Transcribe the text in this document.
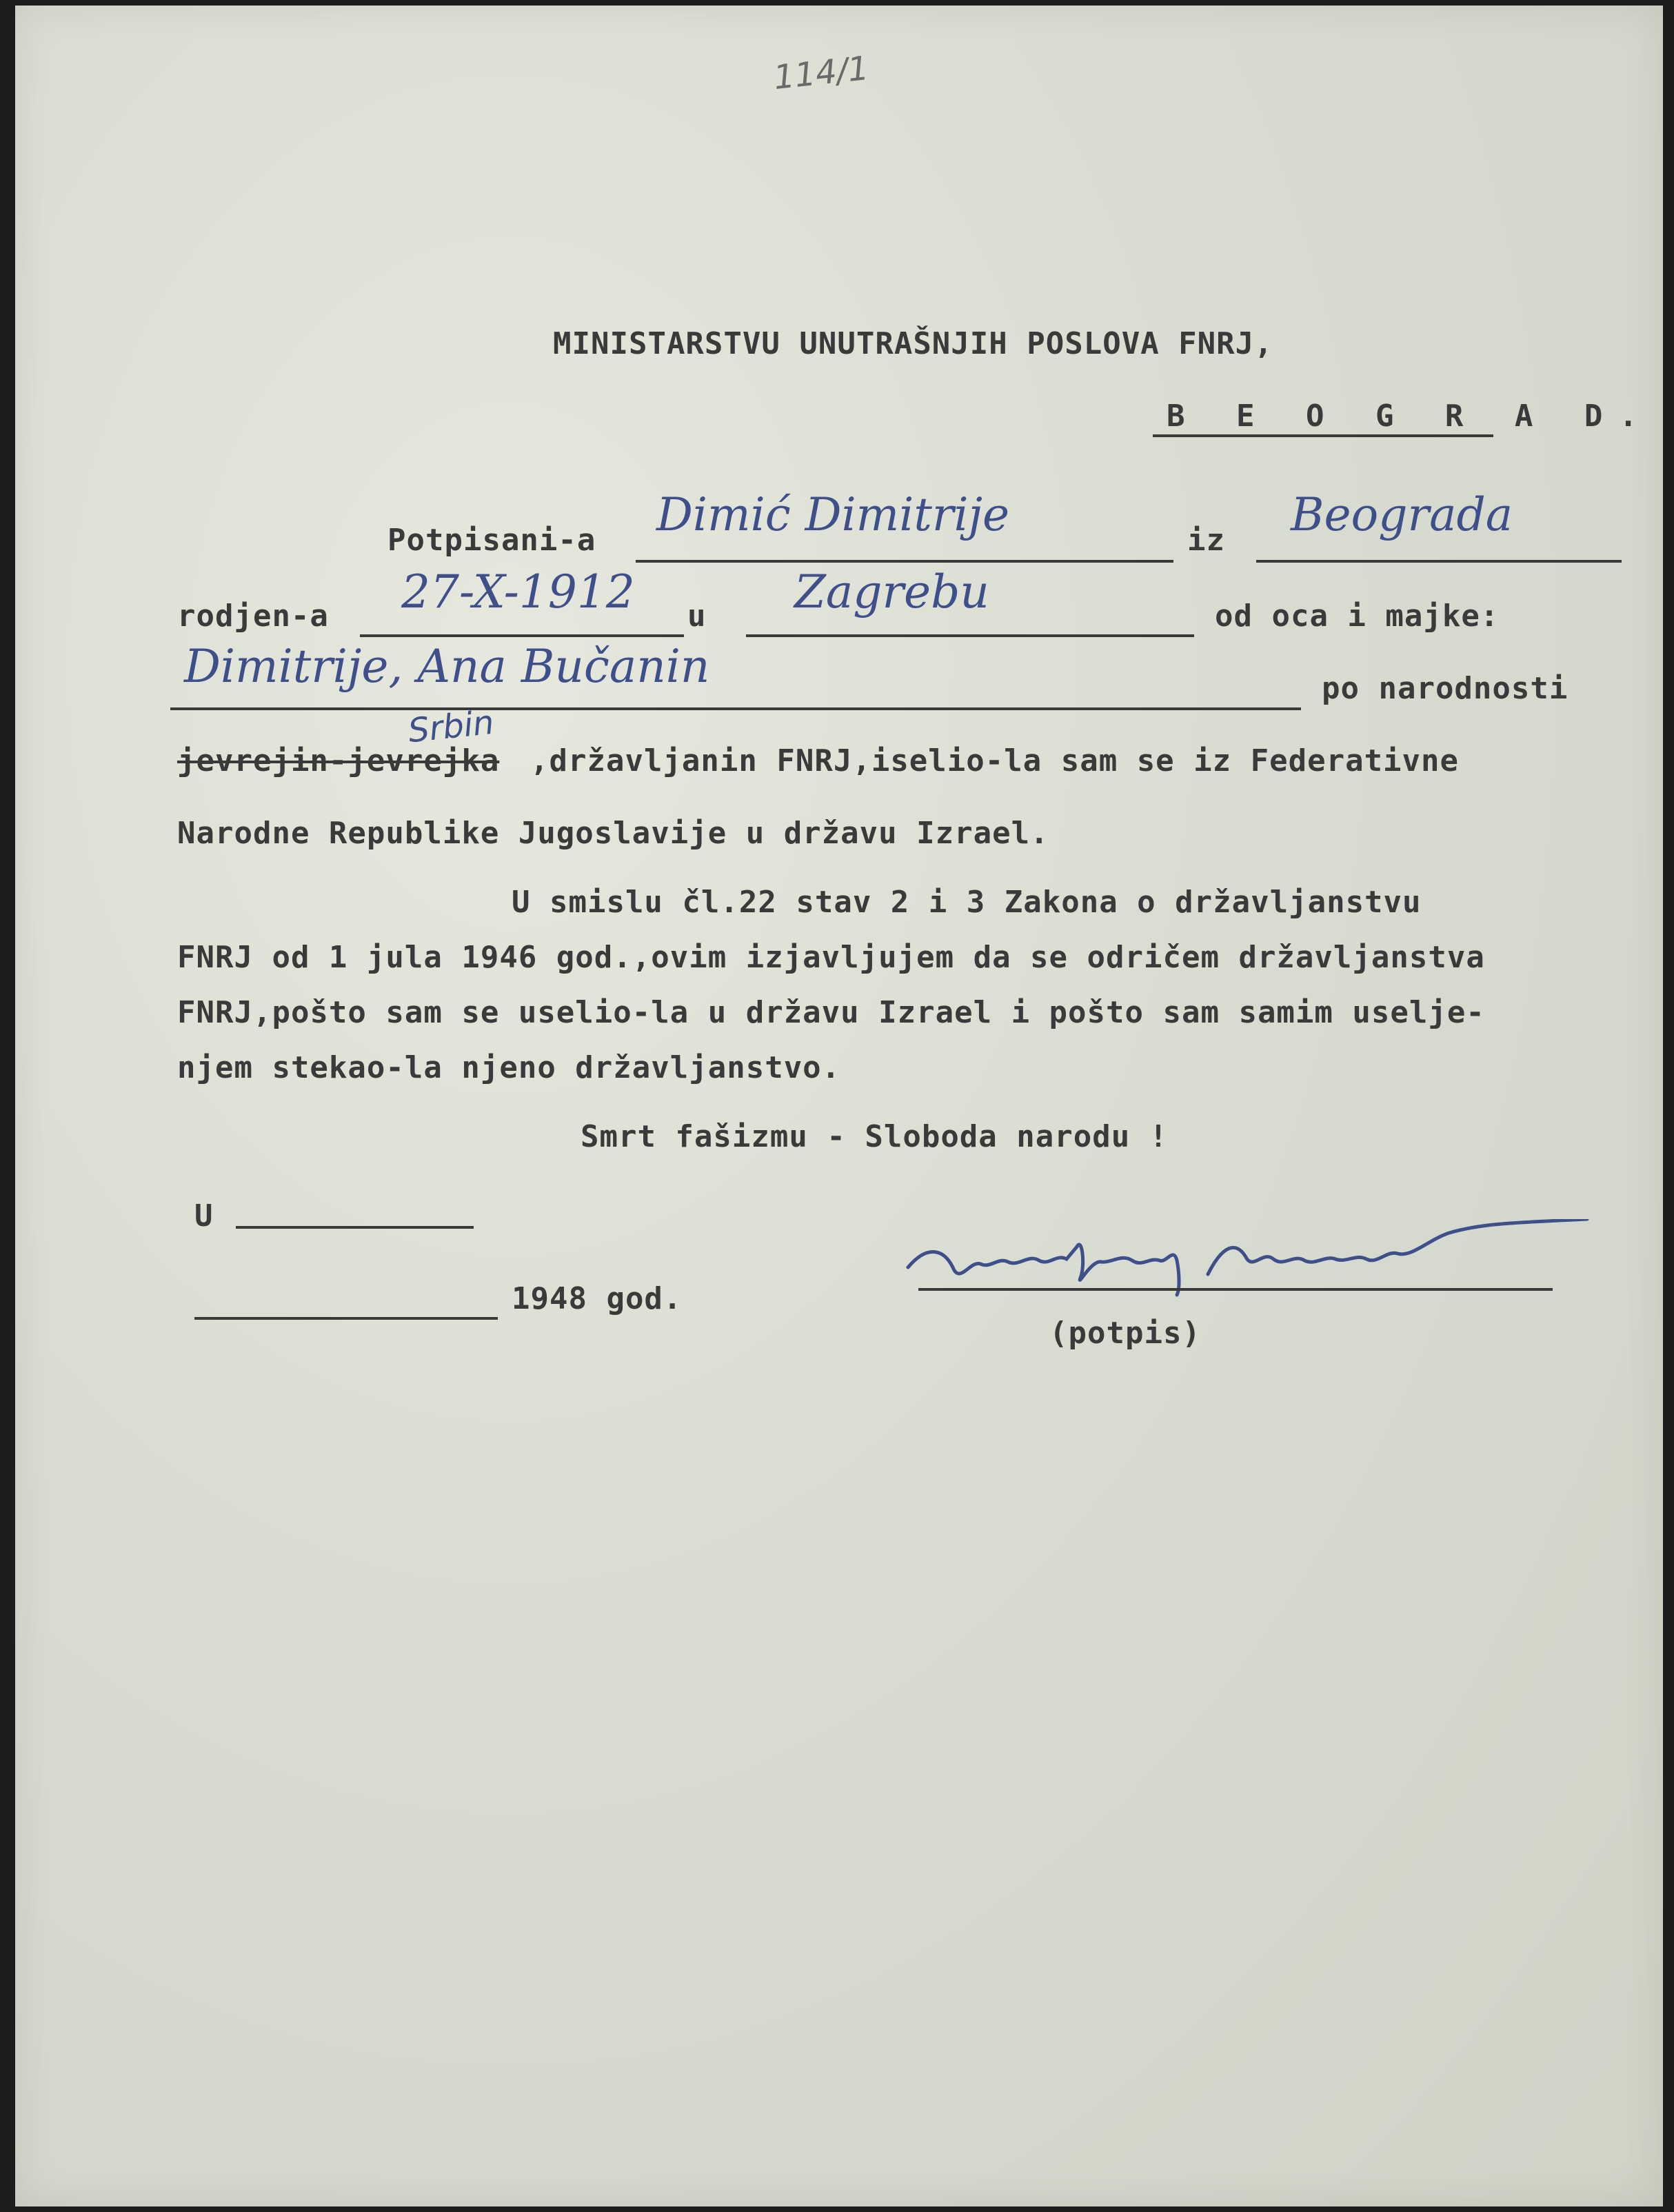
114/1
MINISTARSTVU UNUTRAŠNJIH POSLOVA FNRJ,
B E O G R A D.
Potpisani-a Dimić Dimitrije	iz Beograda
rodjen-a 27-X-1912 u Zagrebu	od oca i majke:
Dimitrije, Ana Bučanin	po narodnosti
Srbin
jevrejin-jevrejka ,državljanin FNRJ,iselio-la sam se iz Federativne
Narodne Republike Jugoslavije u državu Izrael.
U smislu čl.22 stav 2 i 3 Zakona o državljanstvu
FNRJ od 1 jula 1946 god.,ovim izjavljujem da se odričem državljanstva
FNRJ,pošto sam se uselio-la u državu Izrael i pošto sam samim uselje-
njem stekao-la njeno državljanstvo.
Smrt fašizmu - Sloboda narodu !
U
1948 god.
(potpis)
